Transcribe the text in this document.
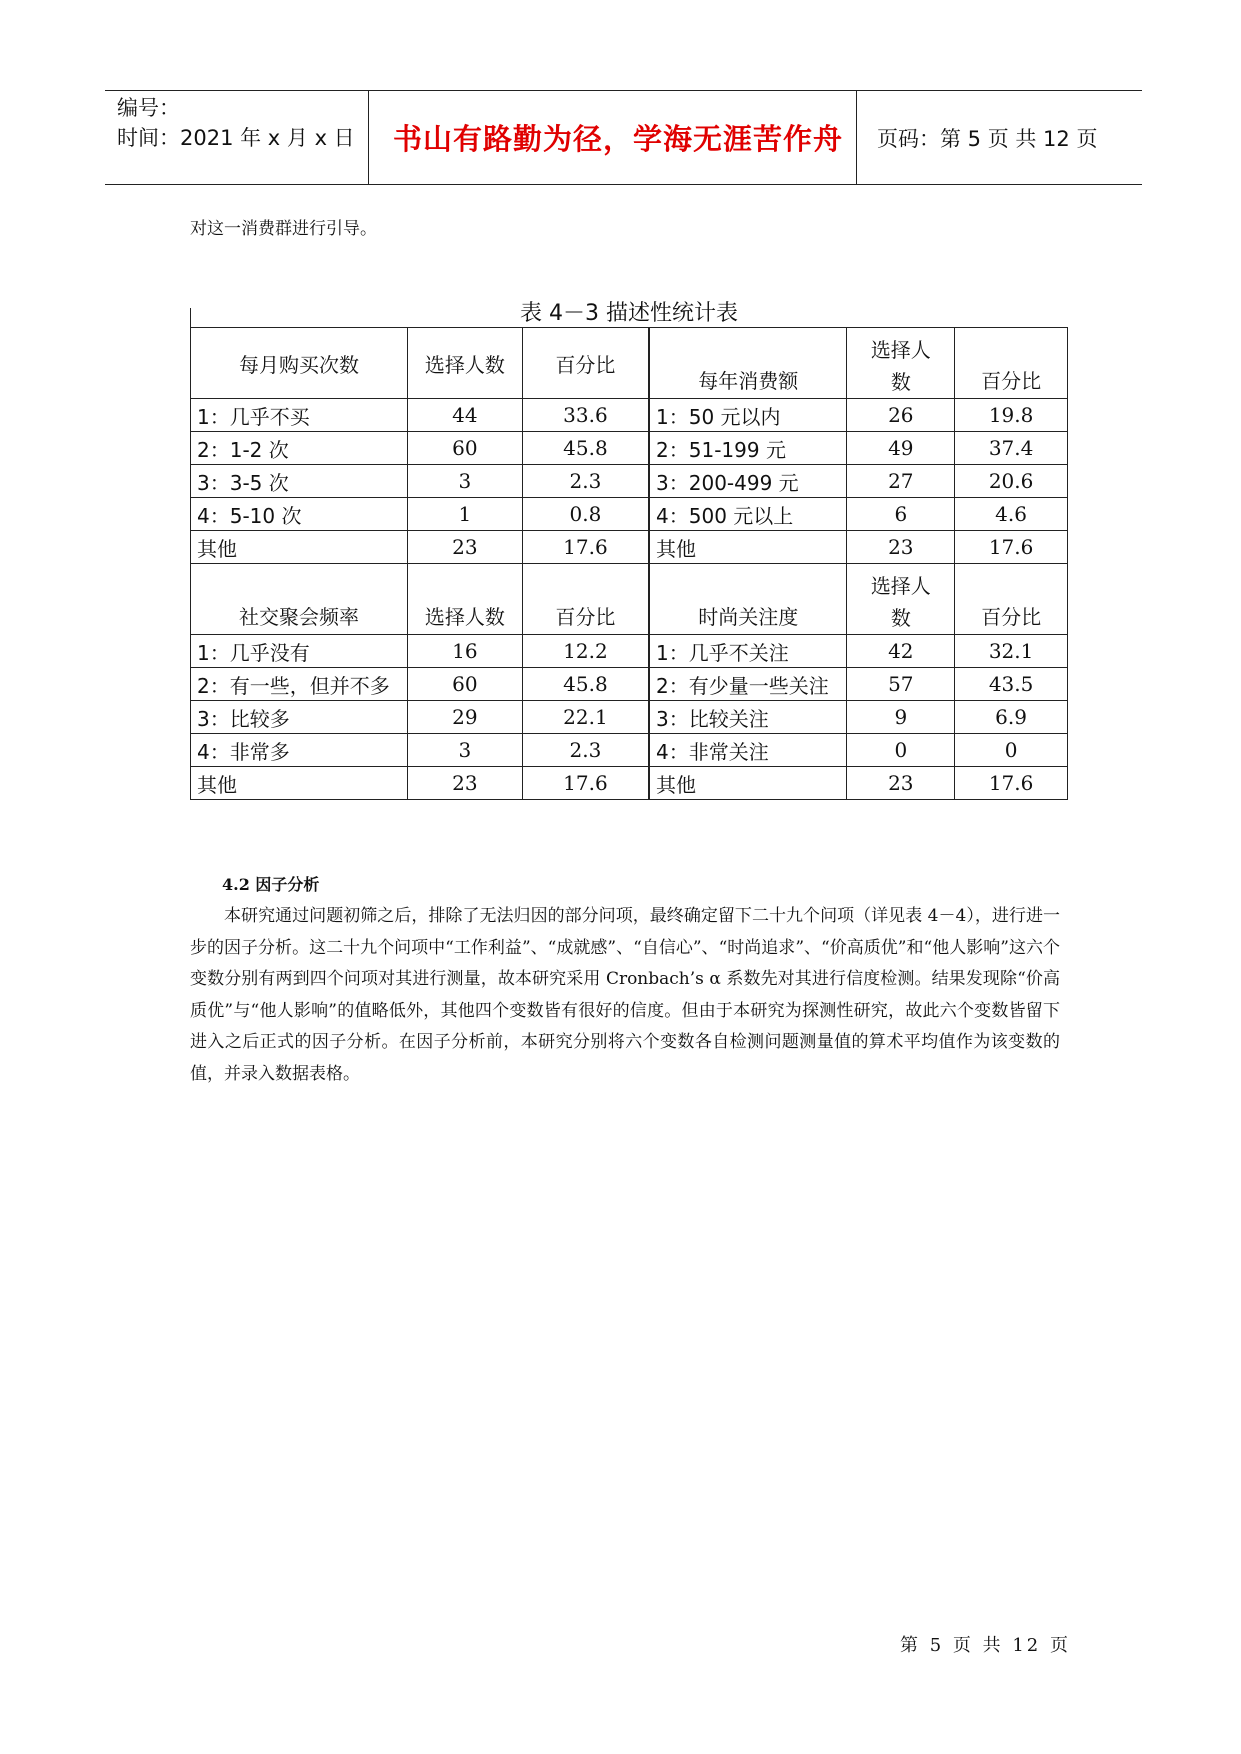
编号：
时间：2021 年 x 月 x 日	书山有路勤为径，学海无涯苦作舟	页码：第 5 页 共 12 页
对这一消费群进行引导。
表 4－3 描述性统计表
每月购买次数	选择人数	百分比	每年消费额	选择人数	百分比
1：几乎不买	44	33.6	1：50 元以内	26	19.8
2：1-2 次	60	45.8	2：51-199 元	49	37.4
3：3-5 次	3	2.3	3：200-499 元	27	20.6
4：5-10 次	1	0.8	4：500 元以上	6	4.6
其他	23	17.6	其他	23	17.6
社交聚会频率	选择人数	百分比	时尚关注度	选择人数	百分比
1：几乎没有	16	12.2	1：几乎不关注	42	32.1
2：有一些，但并不多	60	45.8	2：有少量一些关注	57	43.5
3：比较多	29	22.1	3：比较关注	9	6.9
4：非常多	3	2.3	4：非常关注	0	0
其他	23	17.6	其他	23	17.6
4.2 因子分析
本研究通过问题初筛之后，排除了无法归因的部分问项，最终确定留下二十九个问项（详见表 4－4），进行进一步的因子分析。这二十九个问项中“工作利益”、“成就感”、“自信心”、“时尚追求”、“价高质优”和“他人影响”这六个变数分别有两到四个问项对其进行测量，故本研究采用 Cronbach’s α 系数先对其进行信度检测。结果发现除“价高质优”与“他人影响”的值略低外，其他四个变数皆有很好的信度。但由于本研究为探测性研究，故此六个变数皆留下进入之后正式的因子分析。在因子分析前，本研究分别将六个变数各自检测问题测量值的算术平均值作为该变数的值，并录入数据表格。
第 5 页 共 12 页
